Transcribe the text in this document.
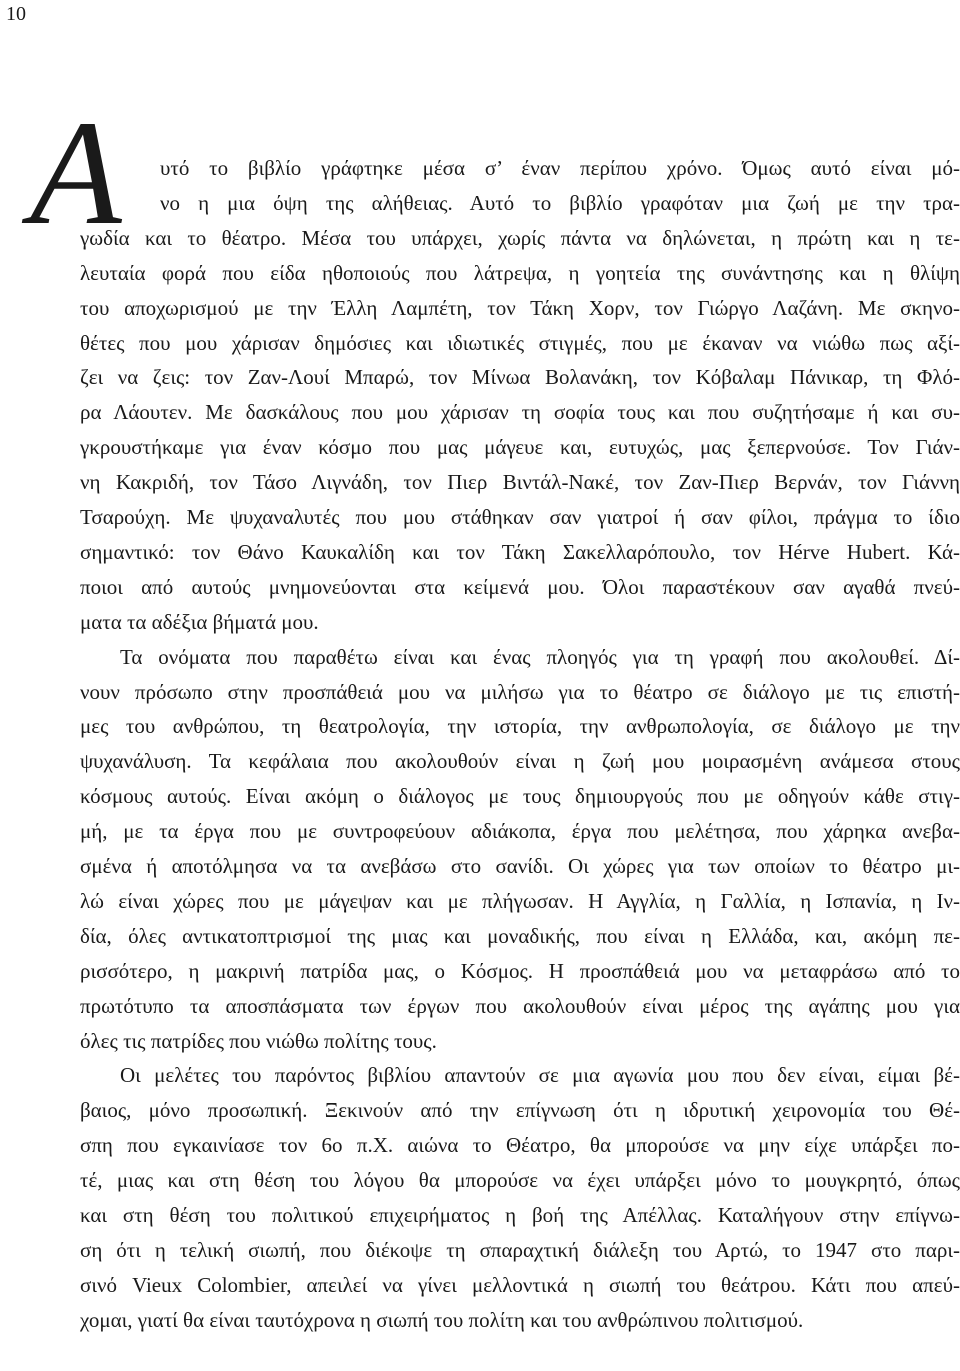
10
Α υτό το βιβλίο γράφτηκε μέσα σ’ έναν περίπου χρόνο. Όμως αυτό είναι μό-
νο η μια όψη της αλήθειας. Αυτό το βιβλίο γραφόταν μια ζωή με την τρα-
γωδία και το θέατρο. Μέσα του υπάρχει, χωρίς πάντα να δηλώνεται, η πρώτη και η τε-
λευταία φορά που είδα ηθοποιούς που λάτρεψα, η γοητεία της συνάντησης και η θλίψη
του αποχωρισμού με την Έλλη Λαμπέτη, τον Τάκη Χορν, τον Γιώργο Λαζάνη. Με σκηνο-
θέτες που μου χάρισαν δημόσιες και ιδιωτικές στιγμές, που με έκαναν να νιώθω πως αξί-
ζει να ζεις: τον Ζαν-Λουί Μπαρώ, τον Μίνωα Βολανάκη, τον Κόβαλαμ Πάνικαρ, τη Φλό-
ρα Λάουτεν. Με δασκάλους που μου χάρισαν τη σοφία τους και που συζητήσαμε ή και συ-
γκρουστήκαμε για έναν κόσμο που μας μάγευε και, ευτυχώς, μας ξεπερνούσε. Τον Γιάν-
νη Κακριδή, τον Τάσο Λιγνάδη, τον Πιερ Βιντάλ-Νακέ, τον Ζαν-Πιερ Βερνάν, τον Γιάννη
Τσαρούχη. Με ψυχαναλυτές που μου στάθηκαν σαν γιατροί ή σαν φίλοι, πράγμα το ίδιο
σημαντικό: τον Θάνο Καυκαλίδη και τον Τάκη Σακελλαρόπουλο, τον Hérve Hubert. Κά-
ποιοι από αυτούς μνημονεύονται στα κείμενά μου. Όλοι παραστέκουν σαν αγαθά πνεύ-
ματα τα αδέξια βήματά μου.
Τα ονόματα που παραθέτω είναι και ένας πλοηγός για τη γραφή που ακολουθεί. Δί-
νουν πρόσωπο στην προσπάθειά μου να μιλήσω για το θέατρο σε διάλογο με τις επιστή-
μες του ανθρώπου, τη θεατρολογία, την ιστορία, την ανθρωπολογία, σε διάλογο με την
ψυχανάλυση. Τα κεφάλαια που ακολουθούν είναι η ζωή μου μοιρασμένη ανάμεσα στους
κόσμους αυτούς. Είναι ακόμη ο διάλογος με τους δημιουργούς που με οδηγούν κάθε στιγ-
μή, με τα έργα που με συντροφεύουν αδιάκοπα, έργα που μελέτησα, που χάρηκα ανεβα-
σμένα ή αποτόλμησα να τα ανεβάσω στο σανίδι. Οι χώρες για των οποίων το θέατρο μι-
λώ είναι χώρες που με μάγεψαν και με πλήγωσαν. Η Αγγλία, η Γαλλία, η Ισπανία, η Ιν-
δία, όλες αντικατοπτρισμοί της μιας και μοναδικής, που είναι η Ελλάδα, και, ακόμη πε-
ρισσότερο, η μακρινή πατρίδα μας, ο Κόσμος. Η προσπάθειά μου να μεταφράσω από το
πρωτότυπο τα αποσπάσματα των έργων που ακολουθούν είναι μέρος της αγάπης μου για
όλες τις πατρίδες που νιώθω πολίτης τους.
Οι μελέτες του παρόντος βιβλίου απαντούν σε μια αγωνία μου που δεν είναι, είμαι βέ-
βαιος, μόνο προσωπική. Ξεκινούν από την επίγνωση ότι η ιδρυτική χειρονομία του Θέ-
σπη που εγκαινίασε τον 6ο π.Χ. αιώνα το Θέατρο, θα μπορούσε να μην είχε υπάρξει πο-
τέ, μιας και στη θέση του λόγου θα μπορούσε να έχει υπάρξει μόνο το μουγκρητό, όπως
και στη θέση του πολιτικού επιχειρήματος η βοή της Απέλλας. Καταλήγουν στην επίγνω-
ση ότι η τελική σιωπή, που διέκοψε τη σπαραχτική διάλεξη του Αρτώ, το 1947 στο παρι-
σινό Vieux Colombier, απειλεί να γίνει μελλοντικά η σιωπή του θεάτρου. Κάτι που απεύ-
χομαι, γιατί θα είναι ταυτόχρονα η σιωπή του πολίτη και του ανθρώπινου πολιτισμού.
